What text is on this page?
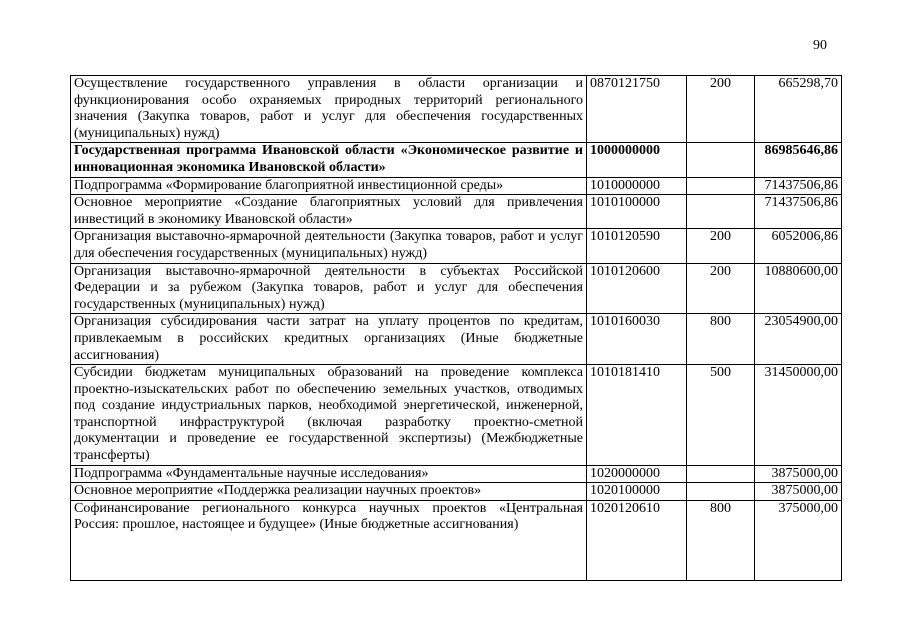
90
Осуществление государственного управления в области организации и функционирования особо охраняемых природных территорий регионального значения (Закупка товаров, работ и услуг для обеспечения государственных (муниципальных) нужд)	0870121750	200	665298,70
Государственная программа Ивановской области «Экономическое развитие и инновационная экономика Ивановской области»	1000000000		86985646,86
Подпрограмма «Формирование благоприятной инвестиционной среды»	1010000000		71437506,86
Основное мероприятие «Создание благоприятных условий для привлечения инвестиций в экономику Ивановской области»	1010100000		71437506,86
Организация выставочно-ярмарочной деятельности (Закупка товаров, работ и услуг для обеспечения государственных (муниципальных) нужд)	1010120590	200	6052006,86
Организация выставочно-ярмарочной деятельности в субъектах Российской Федерации и за рубежом (Закупка товаров, работ и услуг для обеспечения государственных (муниципальных) нужд)	1010120600	200	10880600,00
Организация субсидирования части затрат на уплату процентов по кредитам, привлекаемым в российских кредитных организациях (Иные бюджетные ассигнования)	1010160030	800	23054900,00
Субсидии бюджетам муниципальных образований на проведение комплекса проектно-изыскательских работ по обеспечению земельных участков, отводимых под создание индустриальных парков, необходимой энергетической, инженерной, транспортной инфраструктурой (включая разработку проектно-сметной документации и проведение ее государственной экспертизы) (Межбюджетные трансферты)	1010181410	500	31450000,00
Подпрограмма «Фундаментальные научные исследования»	1020000000		3875000,00
Основное мероприятие «Поддержка реализации научных проектов»	1020100000		3875000,00
Софинансирование регионального конкурса научных проектов «Центральная Россия: прошлое, настоящее и будущее» (Иные бюджетные ассигнования)	1020120610	800	375000,00
